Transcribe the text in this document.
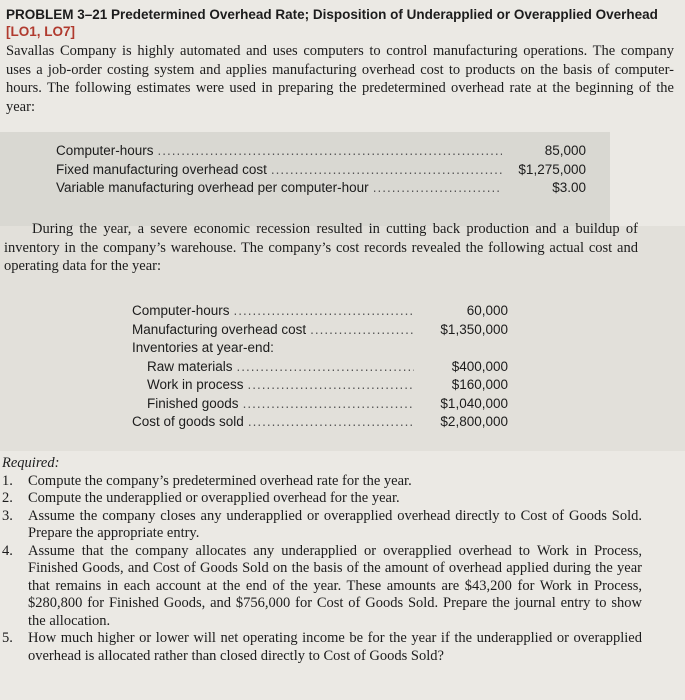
PROBLEM 3–21 Predetermined Overhead Rate; Disposition of Underapplied or Overapplied Overhead [LO1, LO7]
Savallas Company is highly automated and uses computers to control manufacturing operations. The company uses a job-order costing system and applies manufacturing overhead cost to products on the basis of computer-hours. The following estimates were used in preparing the predetermined overhead rate at the beginning of the year:
Computer-hours .....	85,000
Fixed manufacturing overhead cost .....	$1,275,000
Variable manufacturing overhead per computer-hour .....	$3.00
During the year, a severe economic recession resulted in cutting back production and a buildup of inventory in the company’s warehouse. The company’s cost records revealed the following actual cost and operating data for the year:
Computer-hours .....	60,000
Manufacturing overhead cost .....	$1,350,000
Inventories at year-end:
Raw materials .....	$400,000
Work in process .....	$160,000
Finished goods .....	$1,040,000
Cost of goods sold .....	$2,800,000
Required:
1.	Compute the company’s predetermined overhead rate for the year.
2.	Compute the underapplied or overapplied overhead for the year.
3.	Assume the company closes any underapplied or overapplied overhead directly to Cost of Goods Sold. Prepare the appropriate entry.
4.	Assume that the company allocates any underapplied or overapplied overhead to Work in Process, Finished Goods, and Cost of Goods Sold on the basis of the amount of overhead applied during the year that remains in each account at the end of the year. These amounts are $43,200 for Work in Process, $280,800 for Finished Goods, and $756,000 for Cost of Goods Sold. Prepare the journal entry to show the allocation.
5.	How much higher or lower will net operating income be for the year if the underapplied or overapplied overhead is allocated rather than closed directly to Cost of Goods Sold?
